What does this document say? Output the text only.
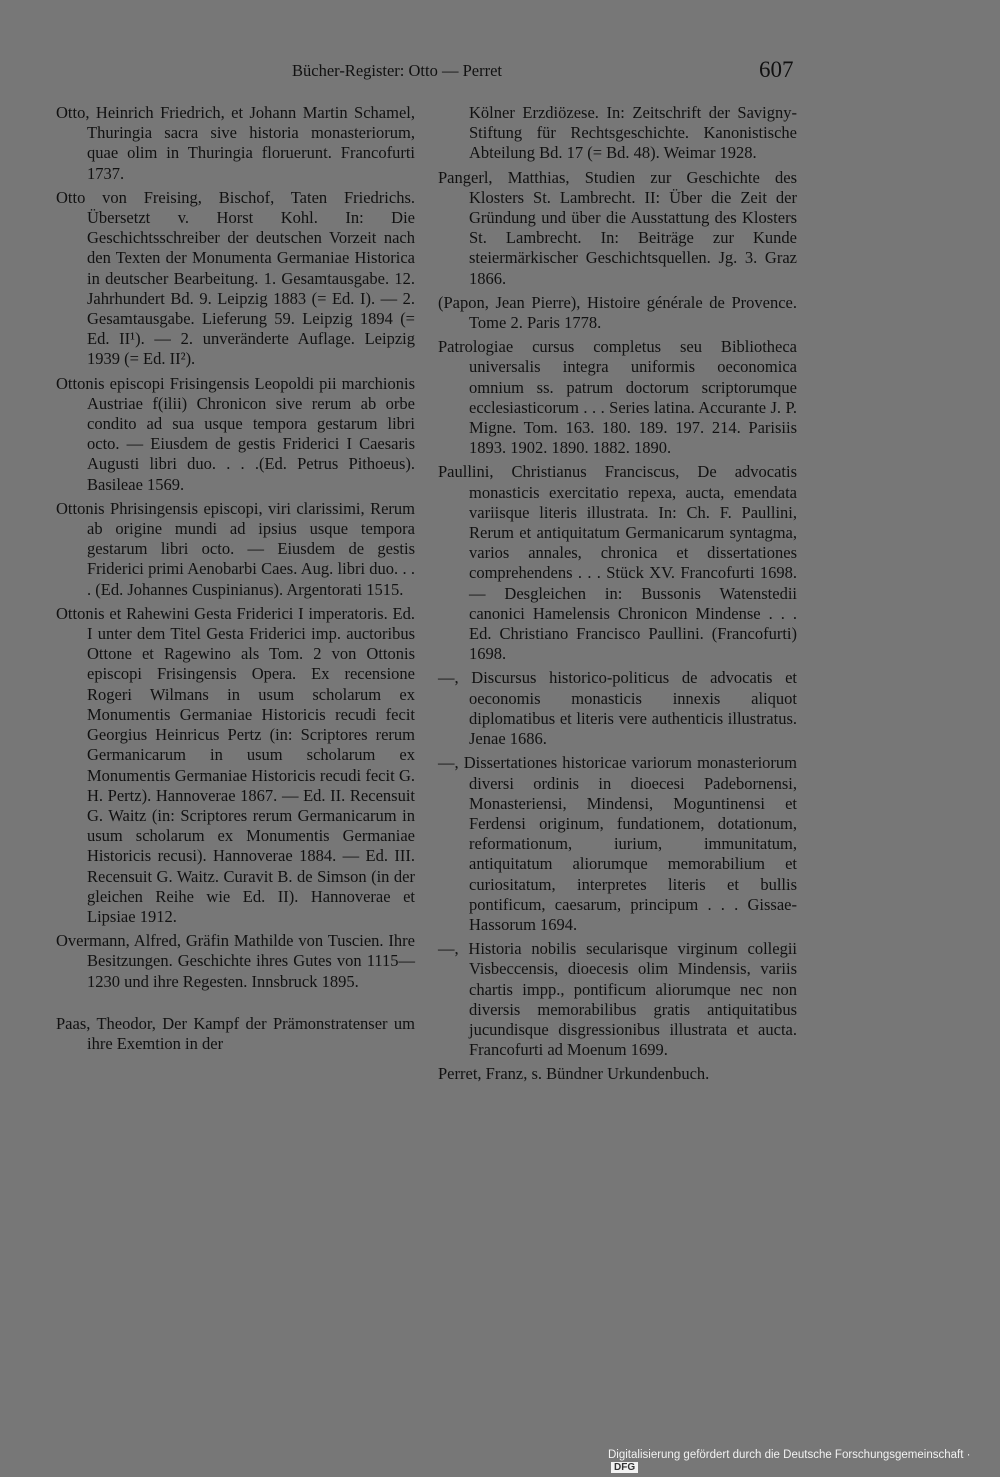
Bücher-Register: Otto — Perret	607

Otto, Heinrich Friedrich, et Johann Martin Schamel, Thuringia sacra sive historia monasteriorum, quae olim in Thuringia floruerunt. Francofurti 1737.

Otto von Freising, Bischof, Taten Friedrichs. Übersetzt v. Horst Kohl. In: Die Geschichtsschreiber der deutschen Vorzeit nach den Texten der Monumenta Germaniae Historica in deutscher Bearbeitung. 1. Gesamtausgabe. 12. Jahrhundert Bd. 9. Leipzig 1883 (= Ed. I). — 2. Gesamtausgabe. Lieferung 59. Leipzig 1894 (= Ed. II¹). — 2. unveränderte Auflage. Leipzig 1939 (= Ed. II²).

Ottonis episcopi Frisingensis Leopoldi pii marchionis Austriae f(ilii) Chronicon sive rerum ab orbe condito ad sua usque tempora gestarum libri octo. — Eiusdem de gestis Friderici I Caesaris Augusti libri duo. . . .(Ed. Petrus Pithoeus). Basileae 1569.

Ottonis Phrisingensis episcopi, viri clarissimi, Rerum ab origine mundi ad ipsius usque tempora gestarum libri octo. — Eiusdem de gestis Friderici primi Aenobarbi Caes. Aug. libri duo. . . . (Ed. Johannes Cuspinianus). Argentorati 1515.

Ottonis et Rahewini Gesta Friderici I imperatoris. Ed. I unter dem Titel Gesta Friderici imp. auctoribus Ottone et Ragewino als Tom. 2 von Ottonis episcopi Frisingensis Opera. Ex recensione Rogeri Wilmans in usum scholarum ex Monumentis Germaniae Historicis recudi fecit Georgius Heinricus Pertz (in: Scriptores rerum Germanicarum in usum scholarum ex Monumentis Germaniae Historicis recudi fecit G. H. Pertz). Hannoverae 1867. — Ed. II. Recensuit G. Waitz (in: Scriptores rerum Germanicarum in usum scholarum ex Monumentis Germaniae Historicis recusi). Hannoverae 1884. — Ed. III. Recensuit G. Waitz. Curavit B. de Simson (in der gleichen Reihe wie Ed. II). Hannoverae et Lipsiae 1912.

Overmann, Alfred, Gräfin Mathilde von Tuscien. Ihre Besitzungen. Geschichte ihres Gutes von 1115—1230 und ihre Regesten. Innsbruck 1895.

Paas, Theodor, Der Kampf der Prämonstratenser um ihre Exemtion in der

Kölner Erzdiözese. In: Zeitschrift der Savigny-Stiftung für Rechtsgeschichte. Kanonistische Abteilung Bd. 17 (= Bd. 48). Weimar 1928.

Pangerl, Matthias, Studien zur Geschichte des Klosters St. Lambrecht. II: Über die Zeit der Gründung und über die Ausstattung des Klosters St. Lambrecht. In: Beiträge zur Kunde steiermärkischer Geschichtsquellen. Jg. 3. Graz 1866.

(Papon, Jean Pierre), Histoire générale de Provence. Tome 2. Paris 1778.

Patrologiae cursus completus seu Bibliotheca universalis integra uniformis oeconomica omnium ss. patrum doctorum scriptorumque ecclesiasticorum . . . Series latina. Accurante J. P. Migne. Tom. 163. 180. 189. 197. 214. Parisiis 1893. 1902. 1890. 1882. 1890.

Paullini, Christianus Franciscus, De advocatis monasticis exercitatio repexa, aucta, emendata variisque literis illustrata. In: Ch. F. Paullini, Rerum et antiquitatum Germanicarum syntagma, varios annales, chronica et dissertationes comprehendens . . . Stück XV. Francofurti 1698. — Desgleichen in: Bussonis Watenstedii canonici Hamelensis Chronicon Mindense . . . Ed. Christiano Francisco Paullini. (Francofurti) 1698.

—, Discursus historico-politicus de advocatis et oeconomis monasticis innexis aliquot diplomatibus et literis vere authenticis illustratus. Jenae 1686.

—, Dissertationes historicae variorum monasteriorum diversi ordinis in dioecesi Padebornensi, Monasteriensi, Mindensi, Moguntinensi et Ferdensi originum, fundationem, dotationum, reformationum, iurium, immunitatum, antiquitatum aliorumque memorabilium et curiositatum, interpretes literis et bullis pontificum, caesarum, principum . . . Gissae-Hassorum 1694.

—, Historia nobilis secularisque virginum collegii Visbeccensis, dioecesis olim Mindensis, variis chartis impp., pontificum aliorumque nec non diversis memorabilibus gratis antiquitatibus jucundisque disgressionibus illustrata et aucta. Francofurti ad Moenum 1699.

Perret, Franz, s. Bündner Urkundenbuch.

Digitalisierung gefördert durch die Deutsche Forschungsgemeinschaft ·DFG
